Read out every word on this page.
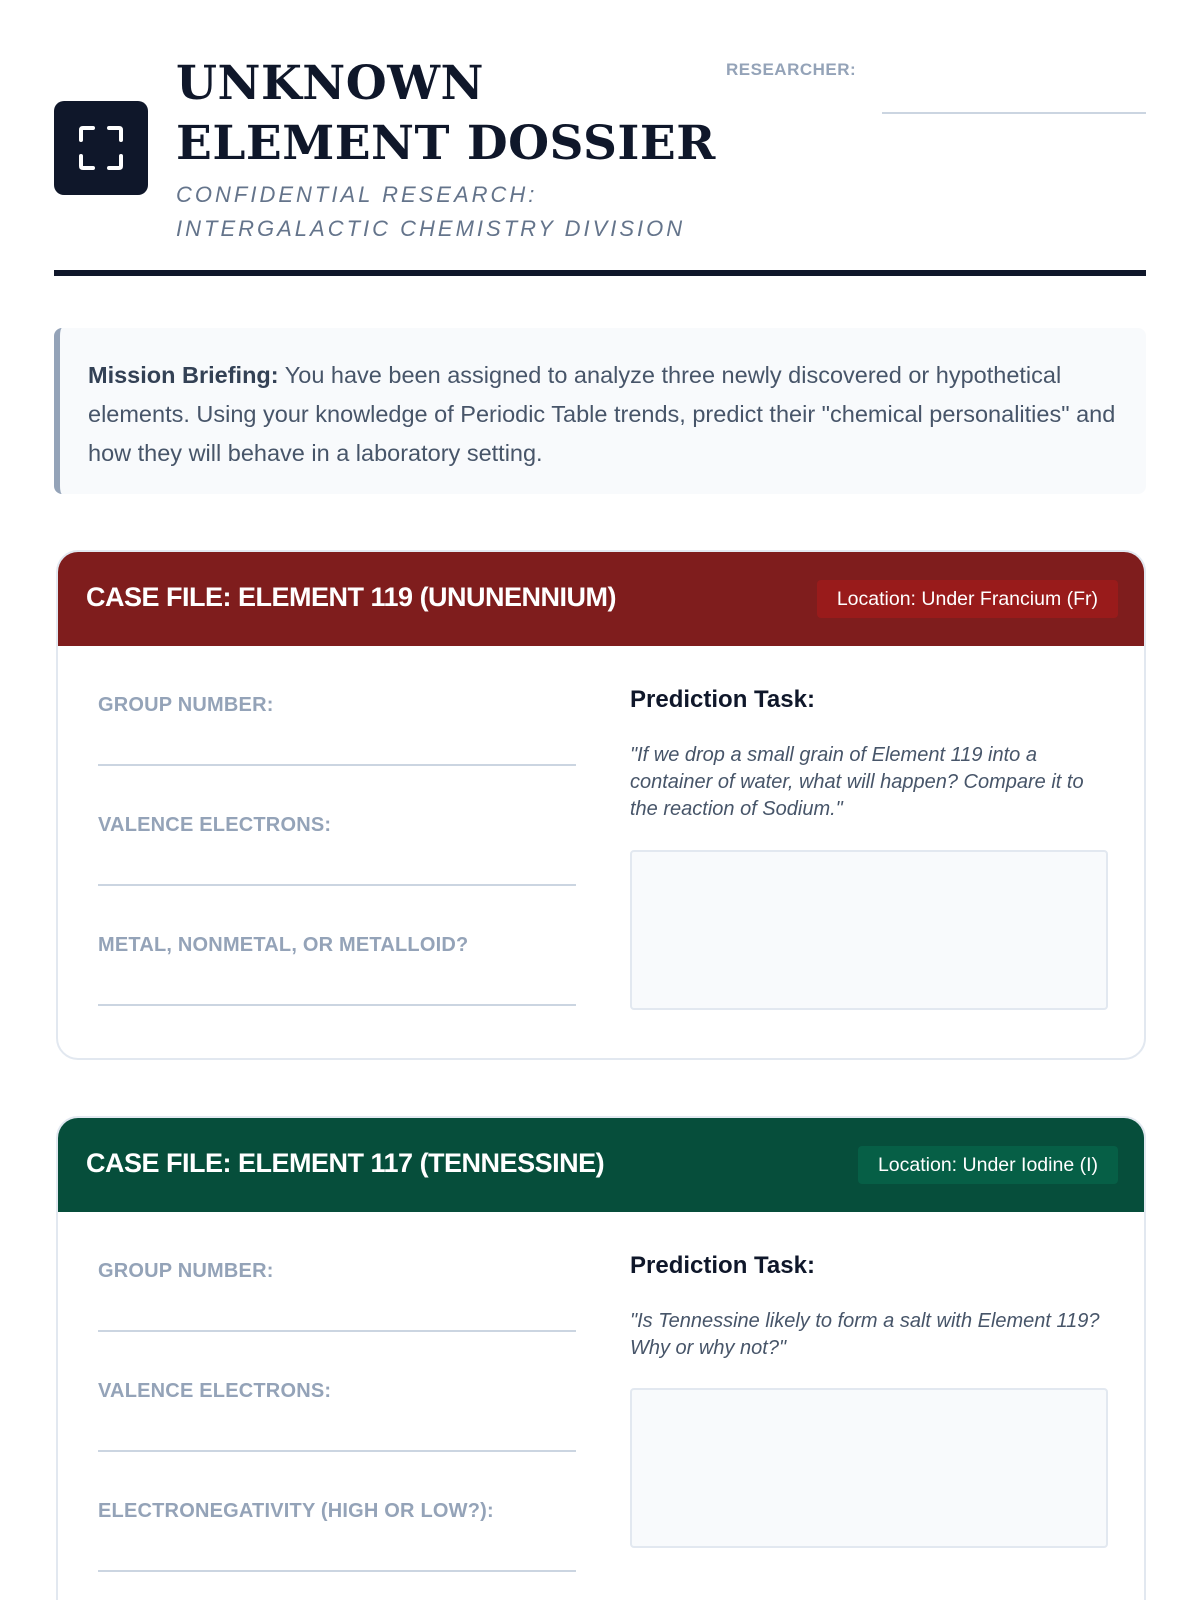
UNKNOWN ELEMENT DOSSIER
CONFIDENTIAL RESEARCH: INTERGALACTIC CHEMISTRY DIVISION
RESEARCHER:
Mission Briefing: You have been assigned to analyze three newly discovered or hypothetical elements. Using your knowledge of Periodic Table trends, predict their "chemical personalities" and how they will behave in a laboratory setting.
CASE FILE: ELEMENT 119 (UNUNENNIUM)	Location: Under Francium (Fr)
GROUP NUMBER:
VALENCE ELECTRONS:
METAL, NONMETAL, OR METALLOID?
Prediction Task:
"If we drop a small grain of Element 119 into a container of water, what will happen? Compare it to the reaction of Sodium."
CASE FILE: ELEMENT 117 (TENNESSINE)	Location: Under Iodine (I)
GROUP NUMBER:
VALENCE ELECTRONS:
ELECTRONEGATIVITY (HIGH OR LOW?):
Prediction Task:
"Is Tennessine likely to form a salt with Element 119? Why or why not?"
